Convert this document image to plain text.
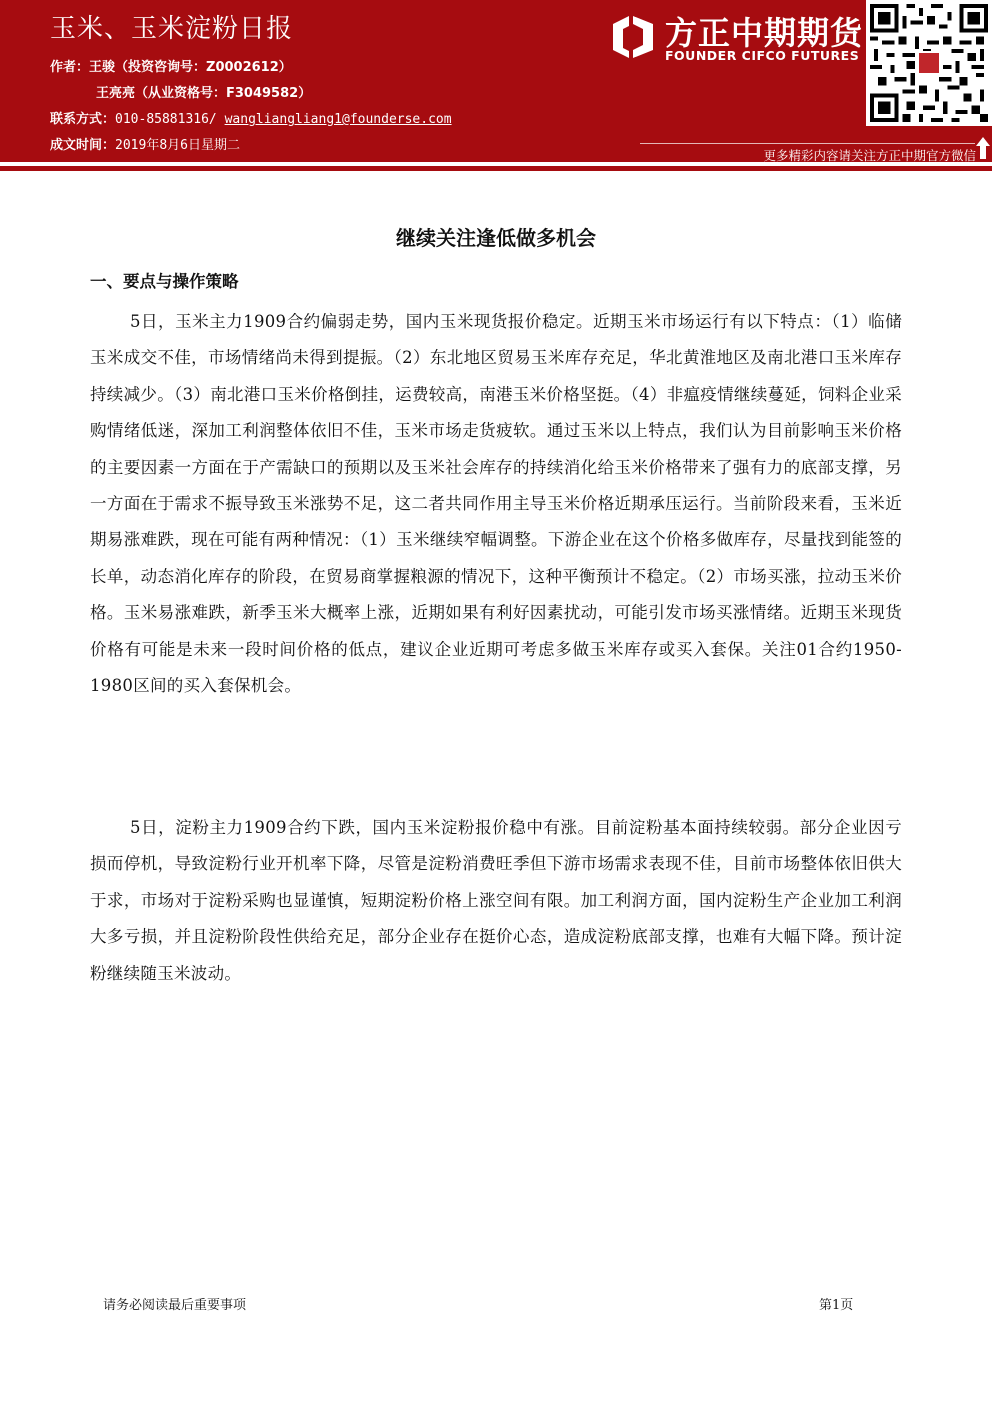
玉米、玉米淀粉日报
作者：王骏（投资咨询号：Z0002612）
王亮亮（从业资格号：F3049582）
联系方式：010-85881316/ wangliangliang1@founderse.com
成文时间：2019年8月6日星期二
方正中期期货
FOUNDER CIFCO FUTURES
更多精彩内容请关注方正中期官方微信
继续关注逢低做多机会
一、要点与操作策略

5日，玉米主力1909合约偏弱走势，国内玉米现货报价稳定。近期玉米市场运行有以下特点：（1）临储玉米成交不佳，市场情绪尚未得到提振。（2）东北地区贸易玉米库存充足，华北黄淮地区及南北港口玉米库存持续减少。（3）南北港口玉米价格倒挂，运费较高，南港玉米价格坚挺。（4）非瘟疫情继续蔓延，饲料企业采购情绪低迷，深加工利润整体依旧不佳，玉米市场走货疲软。通过玉米以上特点，我们认为目前影响玉米价格的主要因素一方面在于产需缺口的预期以及玉米社会库存的持续消化给玉米价格带来了强有力的底部支撑，另一方面在于需求不振导致玉米涨势不足，这二者共同作用主导玉米价格近期承压运行。当前阶段来看，玉米近期易涨难跌，现在可能有两种情况：（1）玉米继续窄幅调整。下游企业在这个价格多做库存，尽量找到能签的长单，动态消化库存的阶段，在贸易商掌握粮源的情况下，这种平衡预计不稳定。（2）市场买涨，拉动玉米价格。玉米易涨难跌，新季玉米大概率上涨，近期如果有利好因素扰动，可能引发市场买涨情绪。近期玉米现货价格有可能是未来一段时间价格的低点，建议企业近期可考虑多做玉米库存或买入套保。关注01合约1950-1980区间的买入套保机会。

5日，淀粉主力1909合约下跌，国内玉米淀粉报价稳中有涨。目前淀粉基本面持续较弱。部分企业因亏损而停机，导致淀粉行业开机率下降，尽管是淀粉消费旺季但下游市场需求表现不佳，目前市场整体依旧供大于求，市场对于淀粉采购也显谨慎，短期淀粉价格上涨空间有限。加工利润方面，国内淀粉生产企业加工利润大多亏损，并且淀粉阶段性供给充足，部分企业存在挺价心态，造成淀粉底部支撑，也难有大幅下降。预计淀粉继续随玉米波动。

请务必阅读最后重要事项	第1页
